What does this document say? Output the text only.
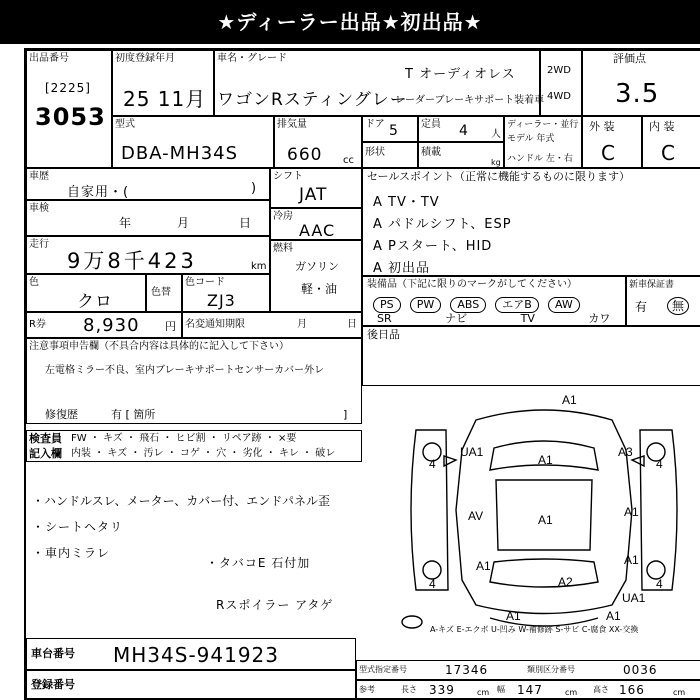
★ディーラー出品★初出品★
出品番号
[2225]
3053
初度登録年月
25 11月
車名・グレード
ワゴンRスティングレー
T オーディオレス
レーダーブレーキサポート装着車
2WD
4WD
評価点
3.5
型式
DBA-MH34S
排気量
660 cc
ドア 5 定員 4 人
形状	積載
kg
ディーラー・並行
モデル 年式
ハンドル 左・右
外 装
C
内 装
C
車歴
自家用・(	)
シフト
JAT
車検
年	月	日 冷房
AAC
走行
9万8千423	km
燃料
ガソリン
軽・油
色
クロ	色替
色コード
ZJ3
R券 8,930 円 名変通知期限	月	日
セールスポイント（正常に機能するものに限ります）
A TV・TV
A パドルシフト、ESP
A Pスタート、HID
A 初出品
装備品（下記に限りのマークがしてください）
PS PW ABS エアB AW
SR	ナビ	TV	カワ
新車保証書
有	無
後日品
注意事項申告欄（不具合内容は具体的に記入して下さい）
左電格ミラー不良、室内ブレーキサポートセンサーカバー外レ
修復歴	有 [ 箇所	]
検査員
記入欄
FW ・ キズ ・ 飛石 ・ ヒビ割 ・ リペア跡 ・ ×要
内装 ・ キズ ・ 汚レ ・ コゲ ・ 穴 ・ 劣化 ・ キレ ・ 破レ
・ハンドルスレ、メーター、カバー付、エンドパネル歪
・シートヘタリ
・車内ミラレ
・タバコE 石付加
Rスポイラー アタゲ
A1
UA1
A1
A3
4	4
AV	A1
A1
A1
4	4
A1
UA1
A2
A1	A1
A-キズ E-エクボ U-凹み W-補修跡 S-サビ C-腐食 XX-交換
車台番号 MH34S-941923
登録番号
型式指定番号	17346	類別区分番号	0036
参考	長さ 339	cm 幅 147	cm 高さ 166	cm
